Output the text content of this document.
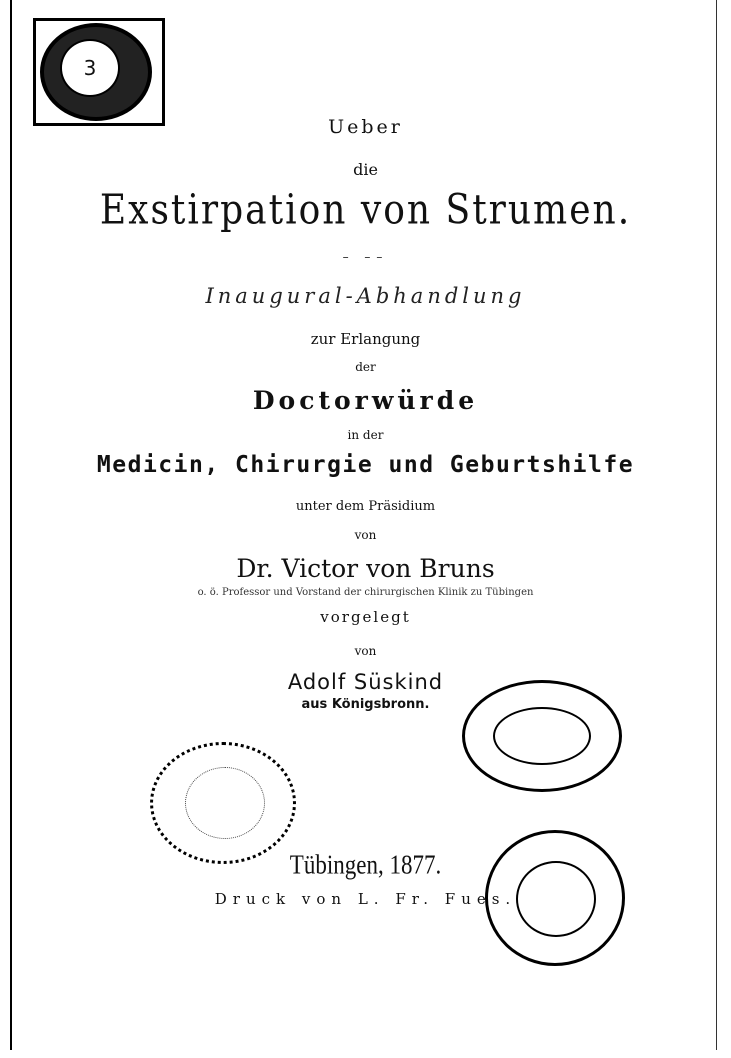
3
Ueber
die
Exstirpation von Strumen.
– ––
Inaugural-Abhandlung
zur Erlangung
der
Doctorwürde
in der
Medicin, Chirurgie und Geburtshilfe
unter dem Präsidium
von
Dr. Victor von Bruns
o. ö. Professor und Vorstand der chirurgischen Klinik zu Tübingen
vorgelegt
von
Adolf Süskind
aus Königsbronn.
Tübingen, 1877.
Druck von L. Fr. Fues.
